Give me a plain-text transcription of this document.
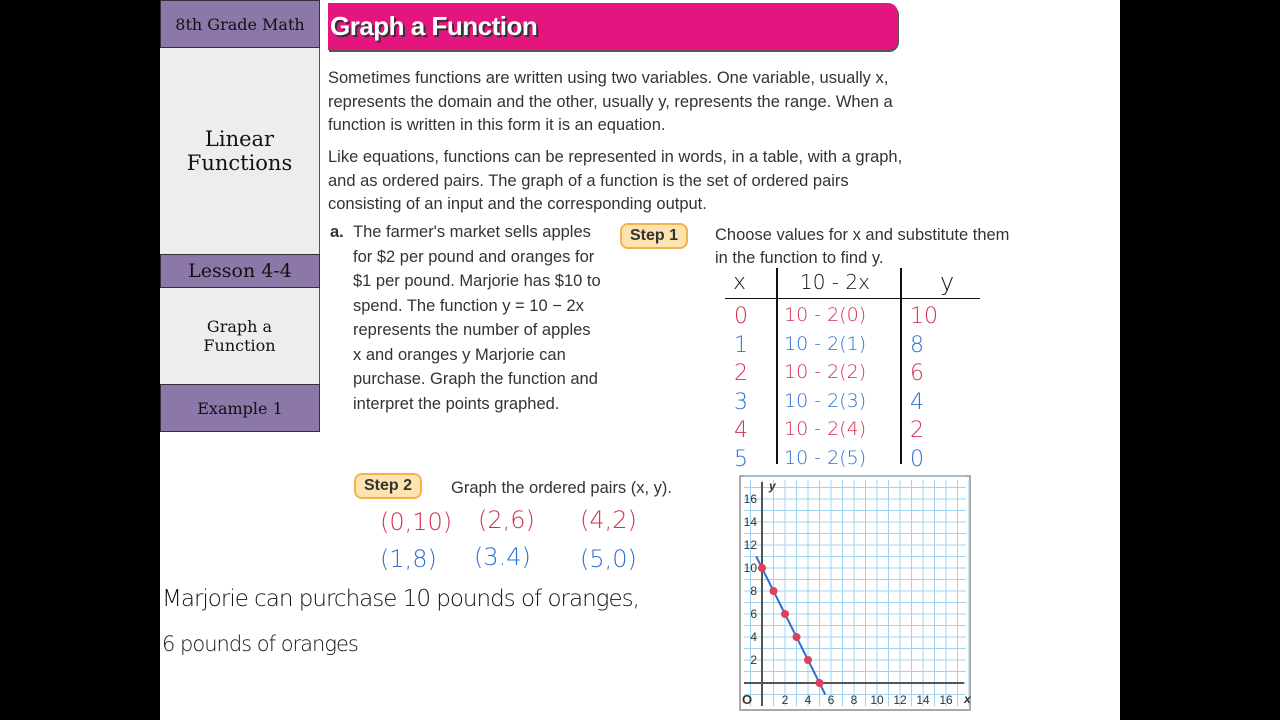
8th Grade Math
Linear Functions
Lesson 4-4
Graph a Function
Example 1
Graph a Function
Sometimes functions are written using two variables. One variable, usually x, represents the domain and the other, usually y, represents the range. When a function is written in this form it is an equation.
Like equations, functions can be represented in words, in a table, with a graph, and as ordered pairs. The graph of a function is the set of ordered pairs consisting of an input and the corresponding output.
a. The farmer's market sells apples for $2 per pound and oranges for $1 per pound. Marjorie has $10 to spend. The function y = 10 − 2x represents the number of apples x and oranges y Marjorie can purchase. Graph the function and interpret the points graphed.
Step 1	Choose values for x and substitute them in the function to find y.
Step 2	Graph the ordered pairs (x, y).
x	10 - 2x	y
0 10 - 2(0) 10
1 10 - 2(1) 8
2 10 - 2(2) 6
3 10 - 2(3) 4
4 10 - 2(4) 2
5 10 - 2(5) 0
(0,10) (2,6) (4,2)
(1,8) (3.4) (5,0)
Marjorie can purchase 10 pounds of oranges,
6 pounds of oranges
2 4 6 8 10 12 14 16
2
4
6
8
10
12
14
16
O	x
y
